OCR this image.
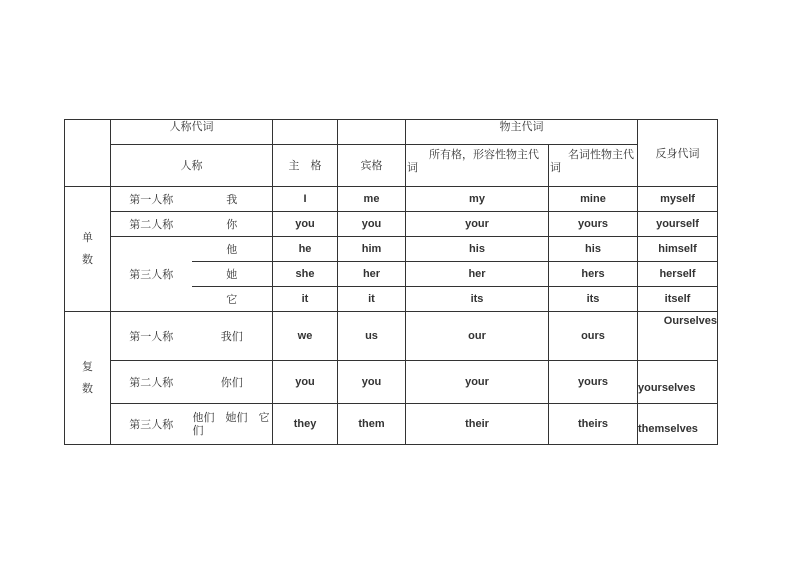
	人称代词				物主代词		反身代词
	人称		主　格	宾格	所有格，形容性物主代词	名词性物主代词	

单
数	第一人称	我	I	me	my	mine	myself
	第二人称	你	you	you	your	yours	yourself
	第三人称	他	he	him	his	his	himself
		她	she	her	her	hers	herself
		它	it	it	its	its	itself
复
数	第一人称	我们	we	us	our	ours	Ourselves
	第二人称	你们	you	you	your	yours	yourselves
	第三人称	他们　她们　它们	they	them	their	theirs	themselves
